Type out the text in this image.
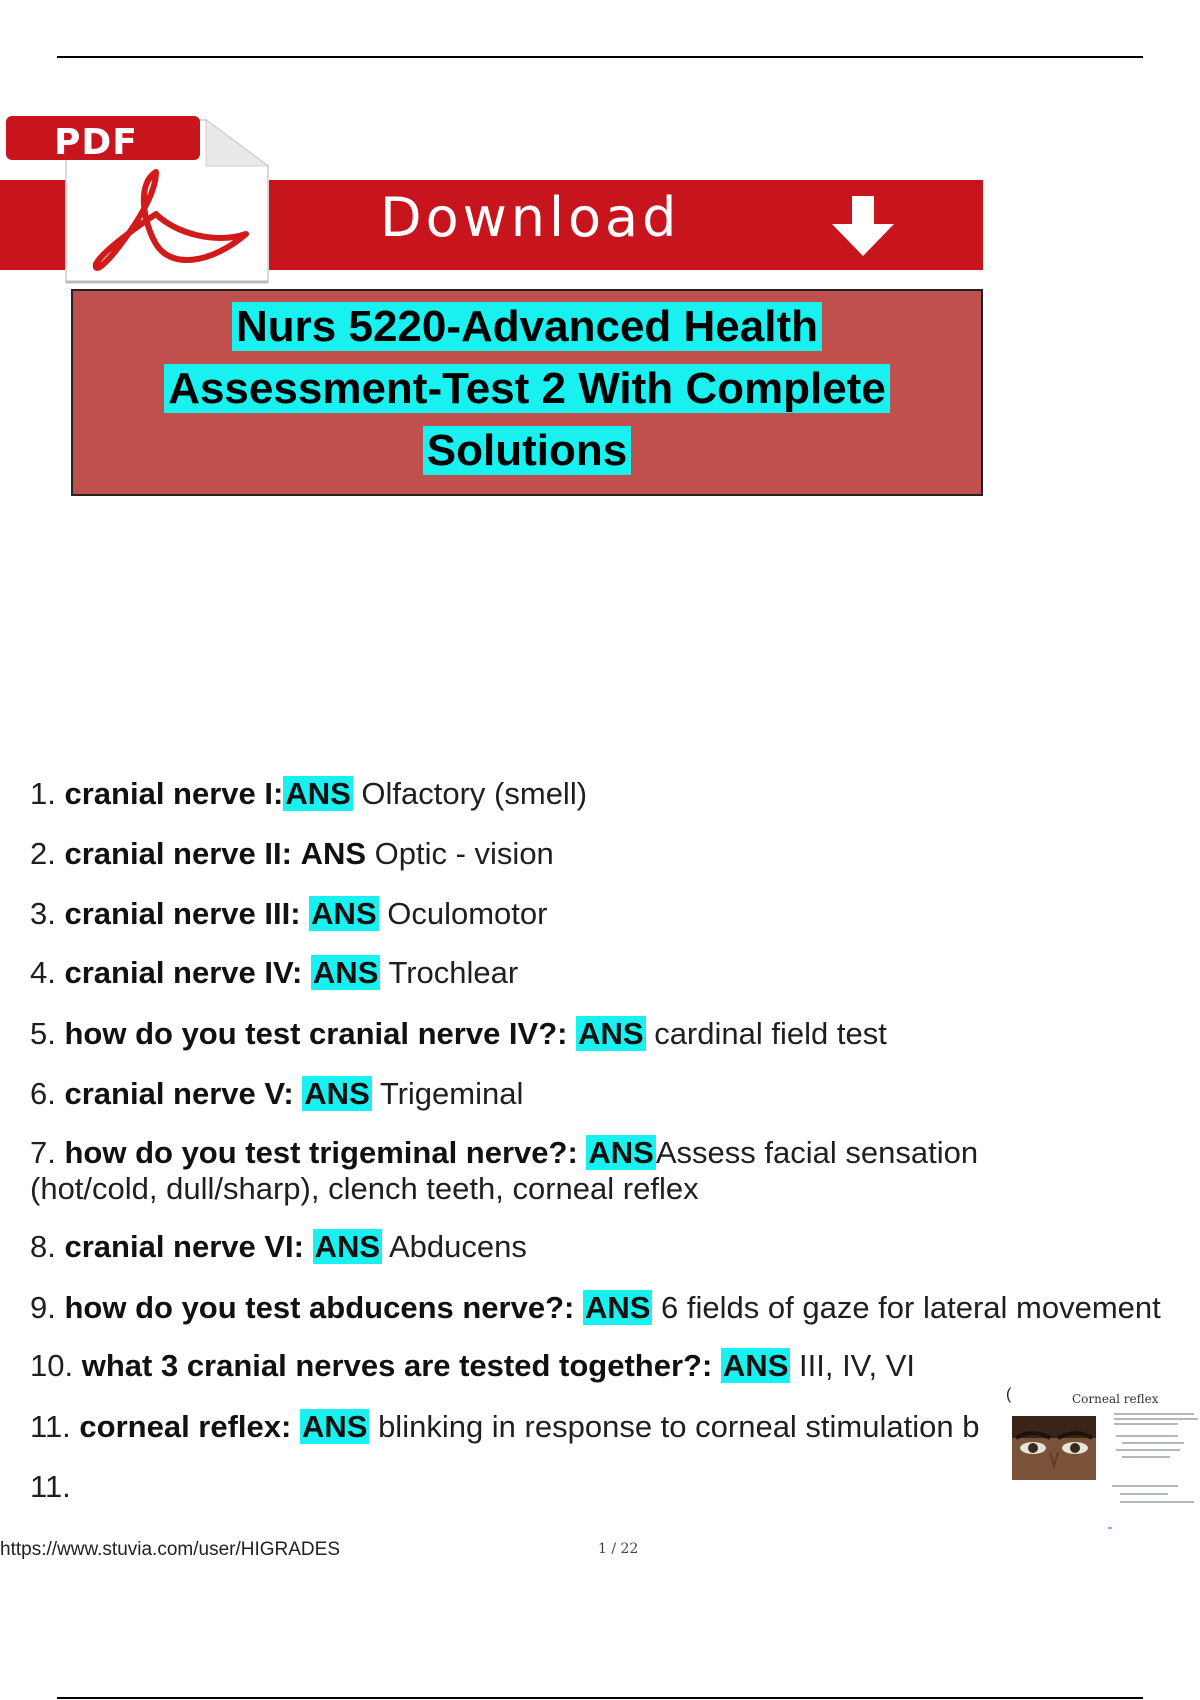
Download
PDF
Nurs 5220-Advanced Health
Assessment-Test 2 With Complete
Solutions
1. cranial nerve I:ANS Olfactory (smell)
2. cranial nerve II: ANS Optic - vision
3. cranial nerve III: ANS Oculomotor
4. cranial nerve IV: ANS Trochlear
5. how do you test cranial nerve IV?: ANS cardinal field test
6. cranial nerve V: ANS Trigeminal
7. how do you test trigeminal nerve?: ANSAssess facial sensation
(hot/cold, dull/sharp), clench teeth, corneal reflex
8. cranial nerve VI: ANS Abducens
9. how do you test abducens nerve?: ANS 6 fields of gaze for lateral movement
10. what 3 cranial nerves are tested together?: ANS III, IV, VI
11. corneal reflex: ANS blinking in response to corneal stimulation b
(	Corneal reflex
11.
https://www.stuvia.com/user/HIGRADES	1 / 22
